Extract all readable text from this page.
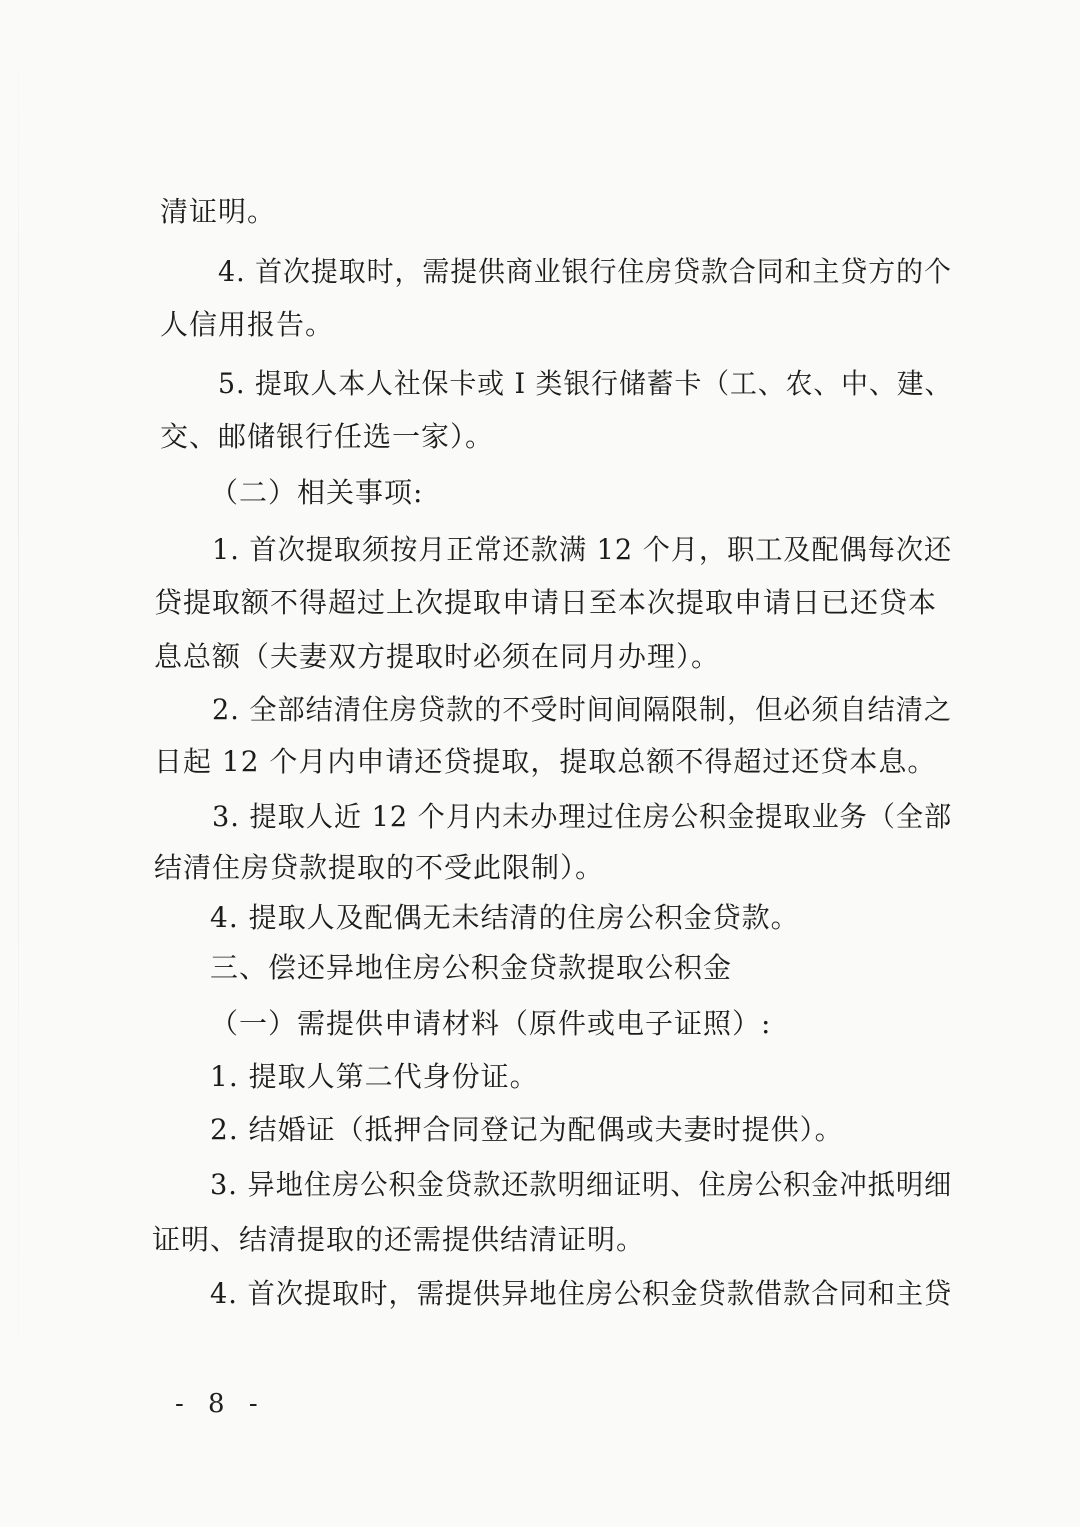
清证明。
4. 首次提取时，需提供商业银行住房贷款合同和主贷方的个
人信用报告。
5. 提取人本人社保卡或 I 类银行储蓄卡（工、农、中、建、
交、邮储银行任选一家）。
（二）相关事项:
1. 首次提取须按月正常还款满 12 个月，职工及配偶每次还
贷提取额不得超过上次提取申请日至本次提取申请日已还贷本
息总额（夫妻双方提取时必须在同月办理）。
2. 全部结清住房贷款的不受时间间隔限制，但必须自结清之
日起 12 个月内申请还贷提取，提取总额不得超过还贷本息。
3. 提取人近 12 个月内未办理过住房公积金提取业务（全部
结清住房贷款提取的不受此限制）。
4. 提取人及配偶无未结清的住房公积金贷款。
三、偿还异地住房公积金贷款提取公积金
（一）需提供申请材料（原件或电子证照）:
1. 提取人第二代身份证。
2. 结婚证（抵押合同登记为配偶或夫妻时提供）。
3. 异地住房公积金贷款还款明细证明、住房公积金冲抵明细
证明、结清提取的还需提供结清证明。
4. 首次提取时，需提供异地住房公积金贷款借款合同和主贷
- 8 -
